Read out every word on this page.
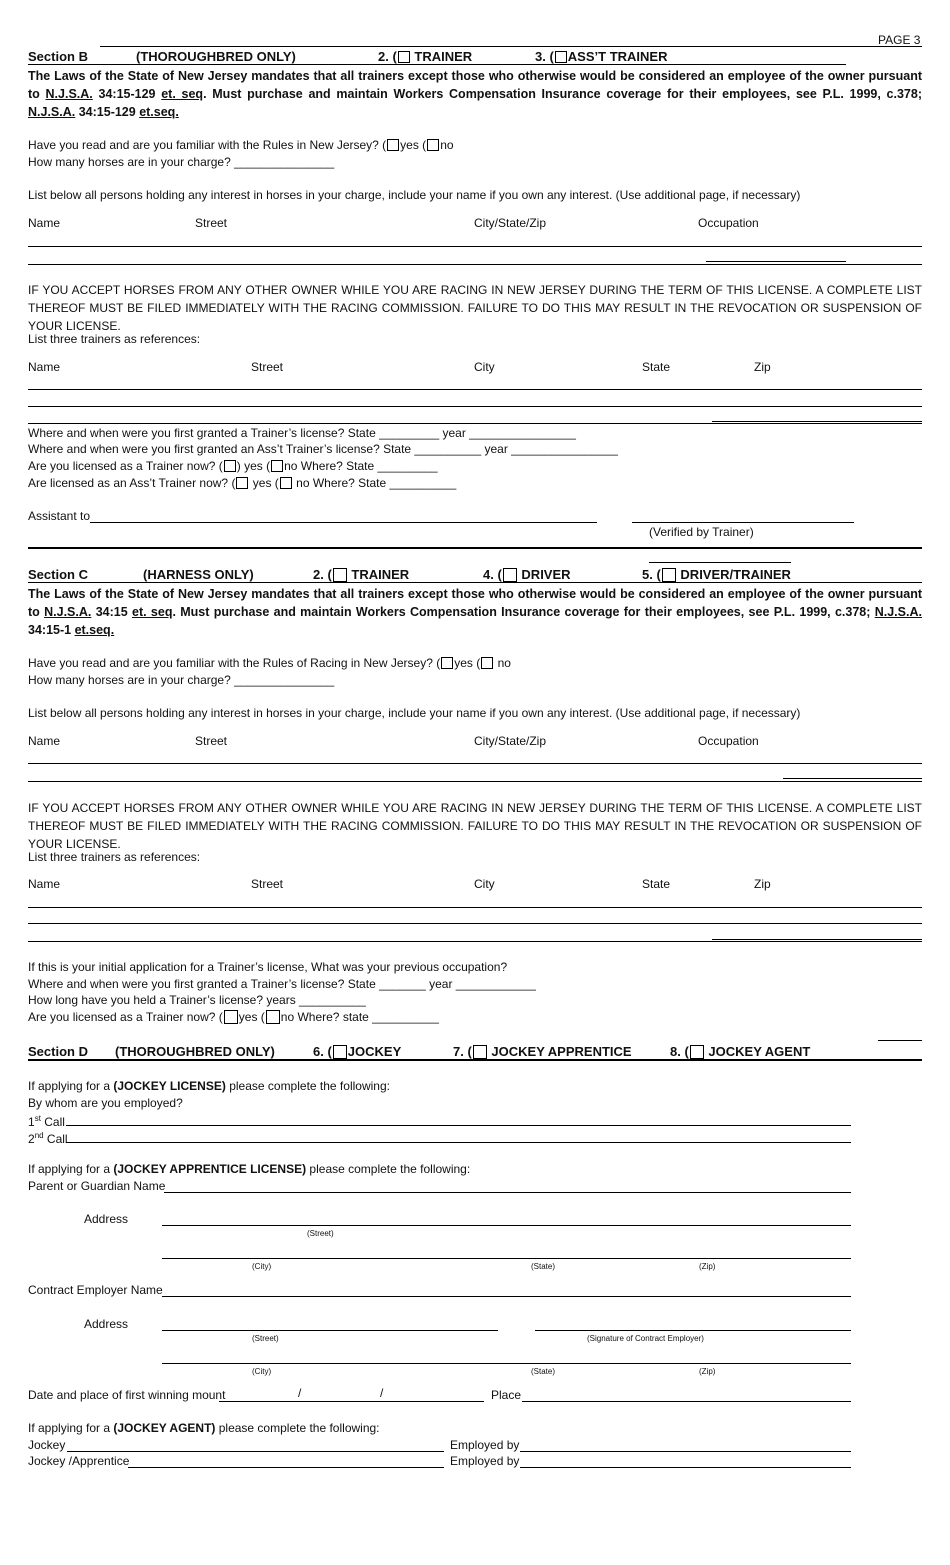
PAGE 3
Section B	(THOROUGHBRED ONLY)	2. ( TRAINER	3. ( ASS’T TRAINER
The Laws of the State of New Jersey mandates that all trainers except those who otherwise would be considered an employee of the owner pursuant to N.J.S.A. 34:15-129 et. seq. Must purchase and maintain Workers Compensation Insurance coverage for their employees, see P.L. 1999, c.378; N.J.S.A. 34:15-129 et.seq.
Have you read and are you familiar with the Rules in New Jersey? ( yes ( no
How many horses are in your charge? _______________
List below all persons holding any interest in horses in your charge, include your name if you own any interest. (Use additional page, if necessary)
Name	Street	City/State/Zip	Occupation
IF YOU ACCEPT HORSES FROM ANY OTHER OWNER WHILE YOU ARE RACING IN NEW JERSEY DURING THE TERM OF THIS LICENSE. A COMPLETE LIST THEREOF MUST BE FILED IMMEDIATELY WITH THE RACING COMMISSION. FAILURE TO DO THIS MAY RESULT IN THE REVOCATION OR SUSPENSION OF YOUR LICENSE.
List three trainers as references:
Name	Street	City	State	Zip
Where and when were you first granted a Trainer’s license? State _________ year ________________
Where and when were you first granted an Ass’t Trainer’s license? State __________ year ________________
Are you licensed as a Trainer now? ( ) yes ( no Where? State _________
Are licensed as an Ass’t Trainer now? ( yes ( no Where? State __________
Assistant to
(Verified by Trainer)
Section C	(HARNESS ONLY)	2. ( TRAINER	4. ( DRIVER	5. ( DRIVER/TRAINER
The Laws of the State of New Jersey mandates that all trainers except those who otherwise would be considered an employee of the owner pursuant to N.J.S.A. 34:15 et. seq. Must purchase and maintain Workers Compensation Insurance coverage for their employees, see P.L. 1999, c.378; N.J.S.A. 34:15-1 et.seq.
Have you read and are you familiar with the Rules of Racing in New Jersey? ( yes ( no
How many horses are in your charge? _______________
List below all persons holding any interest in horses in your charge, include your name if you own any interest. (Use additional page, if necessary)
Name	Street	City/State/Zip	Occupation
IF YOU ACCEPT HORSES FROM ANY OTHER OWNER WHILE YOU ARE RACING IN NEW JERSEY DURING THE TERM OF THIS LICENSE. A COMPLETE LIST THEREOF MUST BE FILED IMMEDIATELY WITH THE RACING COMMISSION. FAILURE TO DO THIS MAY RESULT IN THE REVOCATION OR SUSPENSION OF YOUR LICENSE.
List three trainers as references:
Name	Street	City	State	Zip
If this is your initial application for a Trainer’s license, What was your previous occupation?
Where and when were you first granted a Trainer’s license? State _______ year ____________
How long have you held a Trainer’s license? years __________
Are you licensed as a Trainer now? ( yes ( no Where? state __________
Section D (THOROUGHBRED ONLY)	6. ( JOCKEY	7. ( JOCKEY APPRENTICE	8. ( JOCKEY AGENT
If applying for a (JOCKEY LICENSE) please complete the following:
By whom are you employed?
1st Call
2nd Call
If applying for a (JOCKEY APPRENTICE LICENSE) please complete the following:
Parent or Guardian Name
Address
(Street)
(City)	(State)	(Zip)
Contract Employer Name
Address
(Street)	(Signature of Contract Employer)
(City)	(State)	(Zip)
Date and place of first winning mount	/	/	Place
If applying for a (JOCKEY AGENT) please complete the following:
Jockey	Employed by
Jockey /Apprentice	Employed by
